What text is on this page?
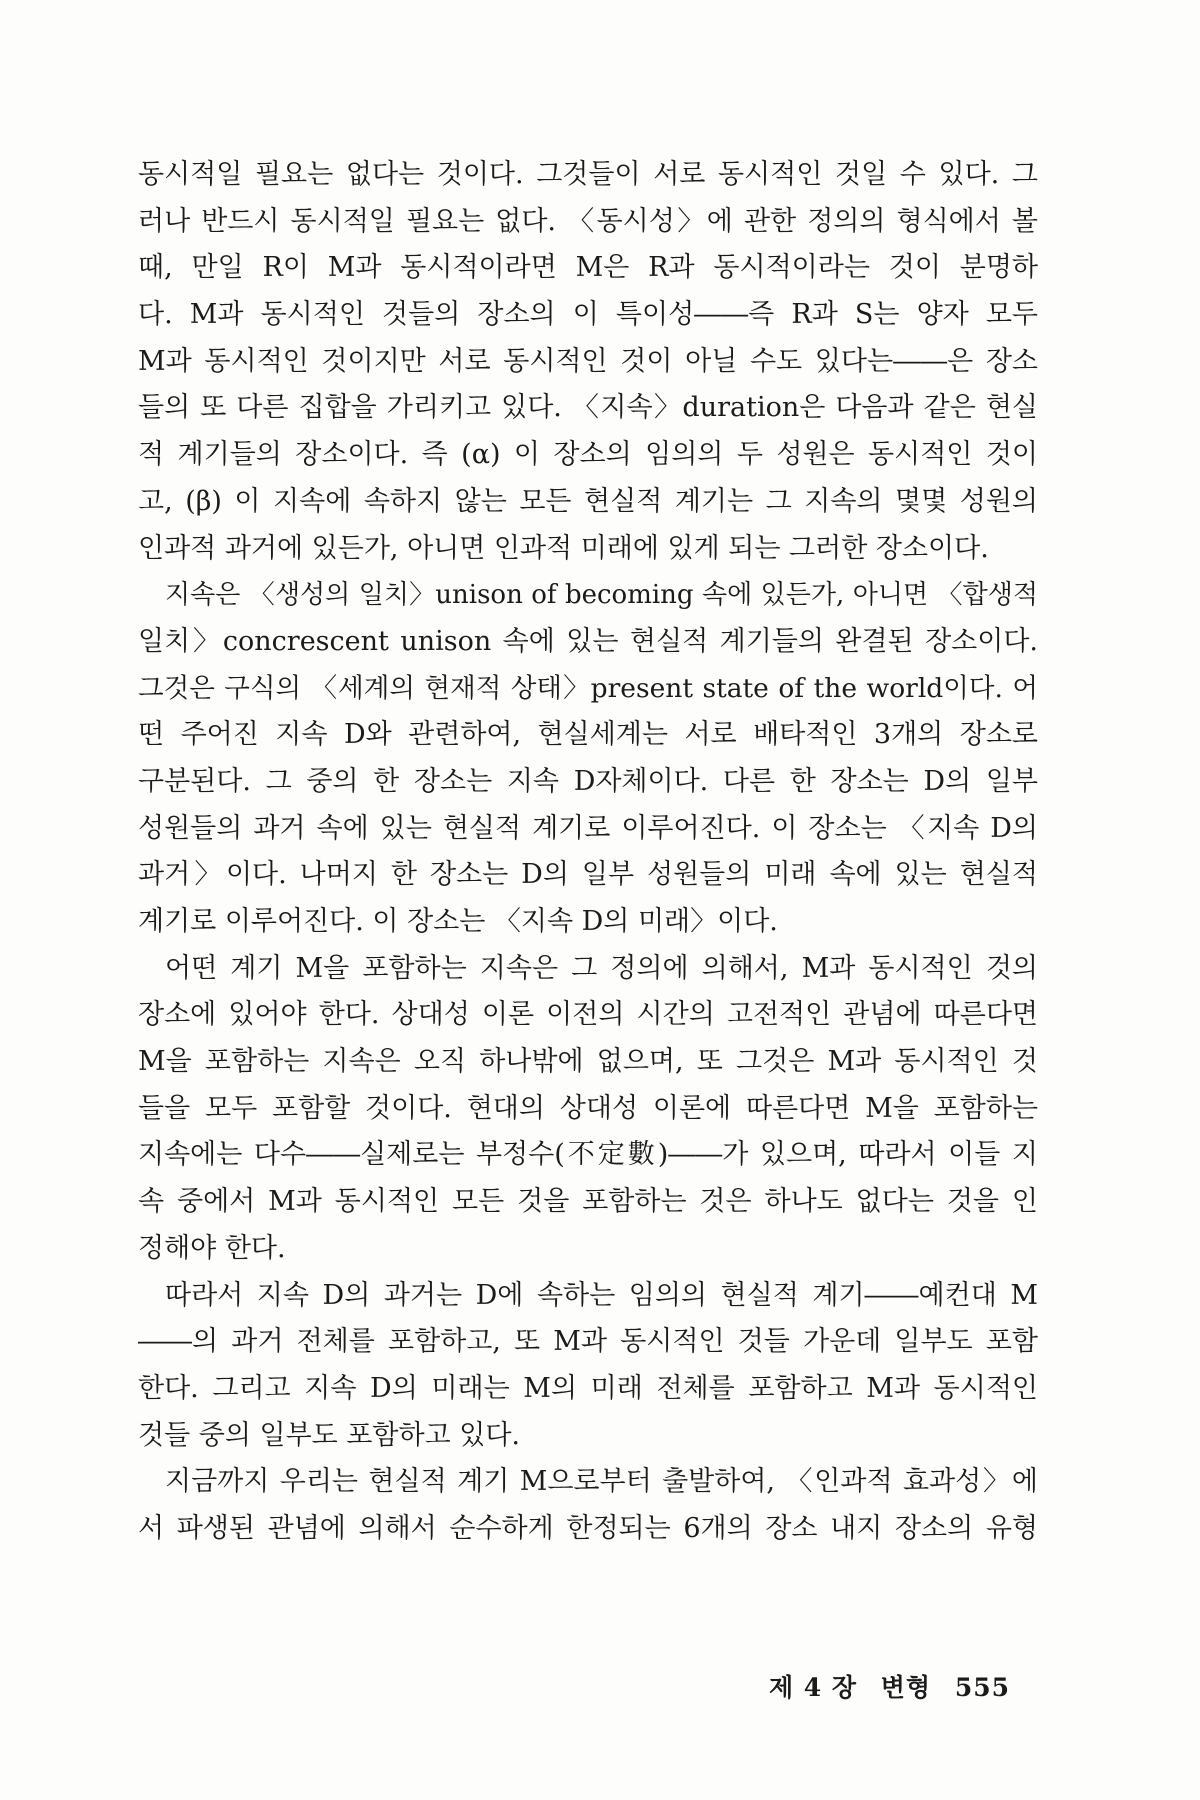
동시적일 필요는 없다는 것이다. 그것들이 서로 동시적인 것일 수 있다. 그
러나 반드시 동시적일 필요는 없다. 〈동시성〉에 관한 정의의 형식에서 볼
때, 만일 R이 M과 동시적이라면 M은 R과 동시적이라는 것이 분명하
다. M과 동시적인 것들의 장소의 이 특이성――즉 R과 S는 양자 모두
M과 동시적인 것이지만 서로 동시적인 것이 아닐 수도 있다는――은 장소
들의 또 다른 집합을 가리키고 있다. 〈지속〉duration은 다음과 같은 현실
적 계기들의 장소이다. 즉 (α) 이 장소의 임의의 두 성원은 동시적인 것이
고, (β) 이 지속에 속하지 않는 모든 현실적 계기는 그 지속의 몇몇 성원의
인과적 과거에 있든가, 아니면 인과적 미래에 있게 되는 그러한 장소이다.
지속은 〈생성의 일치〉unison of becoming 속에 있든가, 아니면 〈합생적
일치〉concrescent unison 속에 있는 현실적 계기들의 완결된 장소이다.
그것은 구식의 〈세계의 현재적 상태〉present state of the world이다. 어
떤 주어진 지속 D와 관련하여, 현실세계는 서로 배타적인 3개의 장소로
구분된다. 그 중의 한 장소는 지속 D자체이다. 다른 한 장소는 D의 일부
성원들의 과거 속에 있는 현실적 계기로 이루어진다. 이 장소는 〈지속 D의
과거〉이다. 나머지 한 장소는 D의 일부 성원들의 미래 속에 있는 현실적
계기로 이루어진다. 이 장소는 〈지속 D의 미래〉이다.
어떤 계기 M을 포함하는 지속은 그 정의에 의해서, M과 동시적인 것의
장소에 있어야 한다. 상대성 이론 이전의 시간의 고전적인 관념에 따른다면
M을 포함하는 지속은 오직 하나밖에 없으며, 또 그것은 M과 동시적인 것
들을 모두 포함할 것이다. 현대의 상대성 이론에 따른다면 M을 포함하는
지속에는 다수――실제로는 부정수(不定數)――가 있으며, 따라서 이들 지
속 중에서 M과 동시적인 모든 것을 포함하는 것은 하나도 없다는 것을 인
정해야 한다.
따라서 지속 D의 과거는 D에 속하는 임의의 현실적 계기――예컨대 M
――의 과거 전체를 포함하고, 또 M과 동시적인 것들 가운데 일부도 포함
한다. 그리고 지속 D의 미래는 M의 미래 전체를 포함하고 M과 동시적인
것들 중의 일부도 포함하고 있다.
지금까지 우리는 현실적 계기 M으로부터 출발하여, 〈인과적 효과성〉에
서 파생된 관념에 의해서 순수하게 한정되는 6개의 장소 내지 장소의 유형
제 4 장 변형 555
